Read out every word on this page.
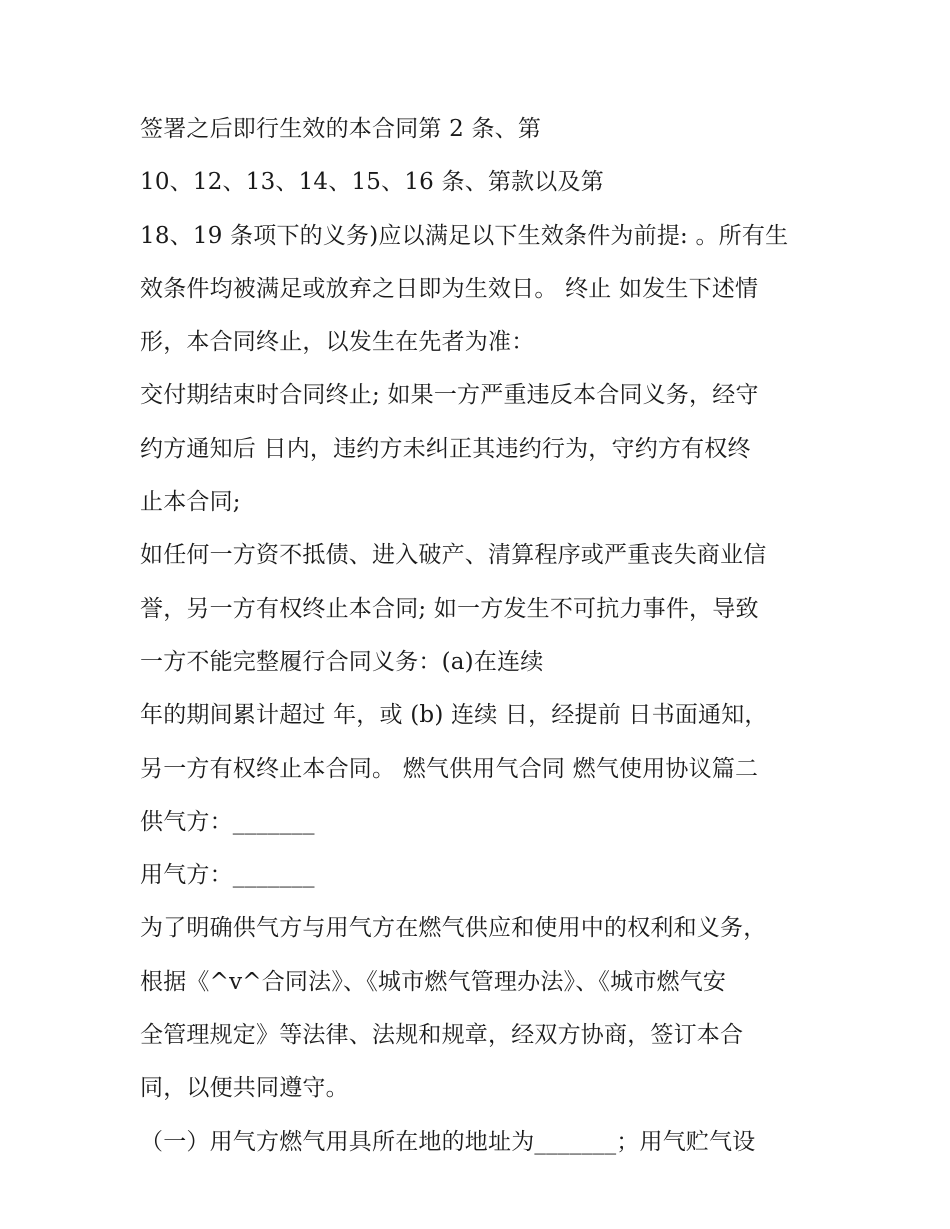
签署之后即行生效的本合同第 2 条、第
10、12、13、14、15、16 条、第款以及第
18、19 条项下的义务)应以满足以下生效条件为前提: 。所有生
效条件均被满足或放弃之日即为生效日。 终止 如发生下述情
形，本合同终止，以发生在先者为准：
交付期结束时合同终止; 如果一方严重违反本合同义务，经守
约方通知后 日内，违约方未纠正其违约行为，守约方有权终
止本合同;
如任何一方资不抵债、进入破产、清算程序或严重丧失商业信
誉，另一方有权终止本合同; 如一方发生不可抗力事件，导致
一方不能完整履行合同义务：(a)在连续
年的期间累计超过 年，或 (b) 连续 日，经提前 日书面通知，
另一方有权终止本合同。 燃气供用气合同 燃气使用协议篇二
供气方：_______
用气方：_______
为了明确供气方与用气方在燃气供应和使用中的权利和义务，
根据《^v^合同法》、《城市燃气管理办法》、《城市燃气安
全管理规定》等法律、法规和规章，经双方协商，签订本合
同，以便共同遵守。
（一）用气方燃气用具所在地的地址为_______；用气贮气设
